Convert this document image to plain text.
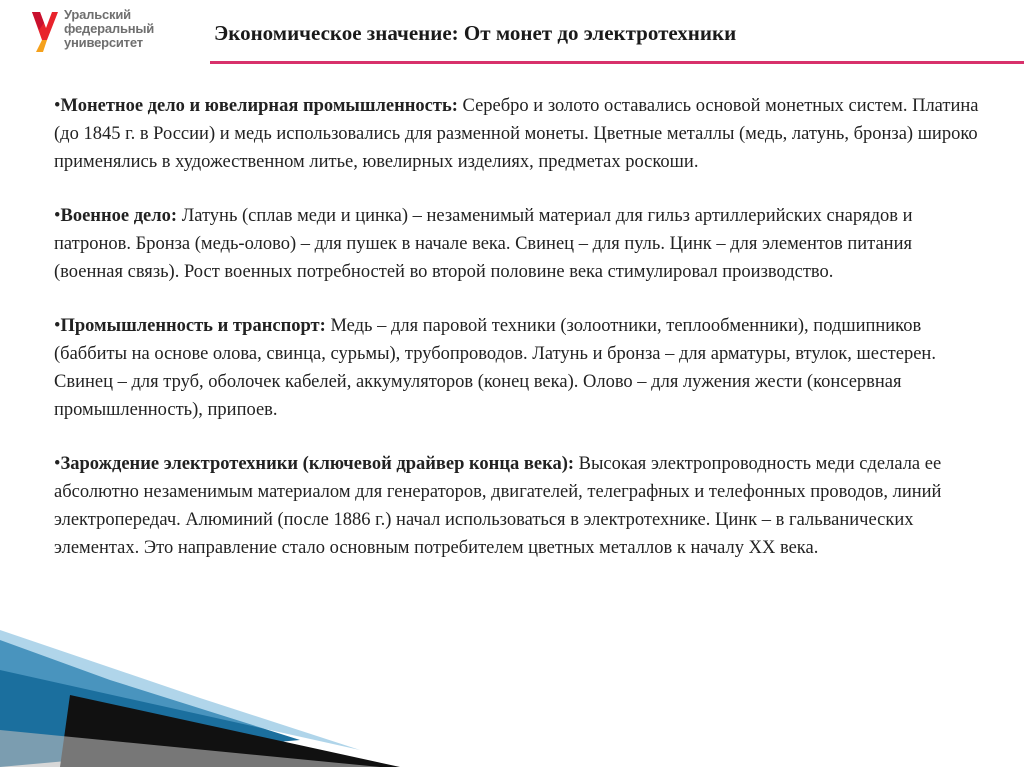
Уральский
федеральный
университет	Экономическое значение: От монет до электротехники

•Монетное дело и ювелирная промышленность: Серебро и золото оставались основой монетных систем. Платина (до 1845 г. в России) и медь использовались для разменной монеты. Цветные металлы (медь, латунь, бронза) широко применялись в художественном литье, ювелирных изделиях, предметах роскоши.

•Военное дело: Латунь (сплав меди и цинка) – незаменимый материал для гильз артиллерийских снарядов и патронов. Бронза (медь-олово) – для пушек в начале века. Свинец – для пуль. Цинк – для элементов питания (военная связь). Рост военных потребностей во второй половине века стимулировал производство.

•Промышленность и транспорт: Медь – для паровой техники (золоотники, теплообменники), подшипников (баббиты на основе олова, свинца, сурьмы), трубопроводов. Латунь и бронза – для арматуры, втулок, шестерен. Свинец – для труб, оболочек кабелей, аккумуляторов (конец века). Олово – для лужения жести (консервная промышленность), припоев.

•Зарождение электротехники (ключевой драйвер конца века): Высокая электропроводность меди сделала ее абсолютно незаменимым материалом для генераторов, двигателей, телеграфных и телефонных проводов, линий электропередач. Алюминий (после 1886 г.) начал использоваться в электротехнике. Цинк – в гальванических элементах. Это направление стало основным потребителем цветных металлов к началу XX века.
